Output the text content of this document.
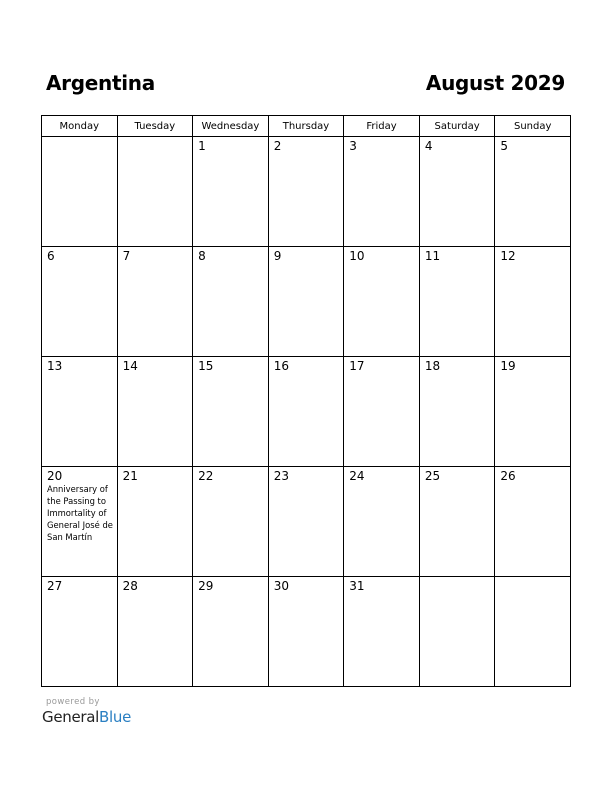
Argentina	August 2029
Monday	Tuesday	Wednesday	Thursday	Friday	Saturday	Sunday

		1	2	3	4	5

6	7	8	9	10	11	12

13	14	15	16	17	18	19

20
Anniversary of the Passing to Immortality of General José de San Martín	21	22	23	24	25	26

27	28	29	30	31		

powered by
GeneralBlue
